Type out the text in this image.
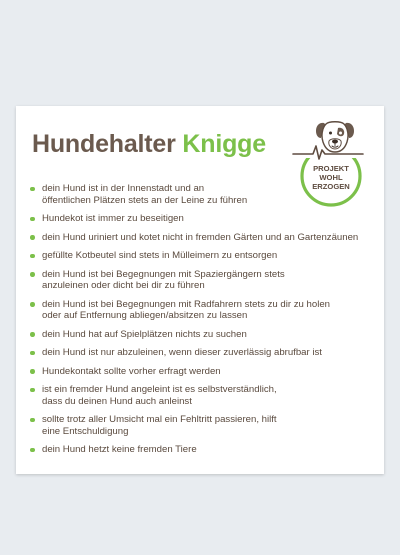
Hundehalter Knigge
PROJEKT
WOHL
ERZOGEN
dein Hund ist in der Innenstadt und an
öffentlichen Plätzen stets an der Leine zu führen
Hundekot ist immer zu beseitigen
dein Hund uriniert und kotet nicht in fremden Gärten und an Gartenzäunen
gefüllte Kotbeutel sind stets in Mülleimern zu entsorgen
dein Hund ist bei Begegnungen mit Spaziergängern stets
anzuleinen oder dicht bei dir zu führen
dein Hund ist bei Begegnungen mit Radfahrern stets zu dir zu holen
oder auf Entfernung abliegen/absitzen zu lassen
dein Hund hat auf Spielplätzen nichts zu suchen
dein Hund ist nur abzuleinen, wenn dieser zuverlässig abrufbar ist
Hundekontakt sollte vorher erfragt werden
ist ein fremder Hund angeleint ist es selbstverständlich,
dass du deinen Hund auch anleinst
sollte trotz aller Umsicht mal ein Fehltritt passieren, hilft
eine Entschuldigung
dein Hund hetzt keine fremden Tiere
